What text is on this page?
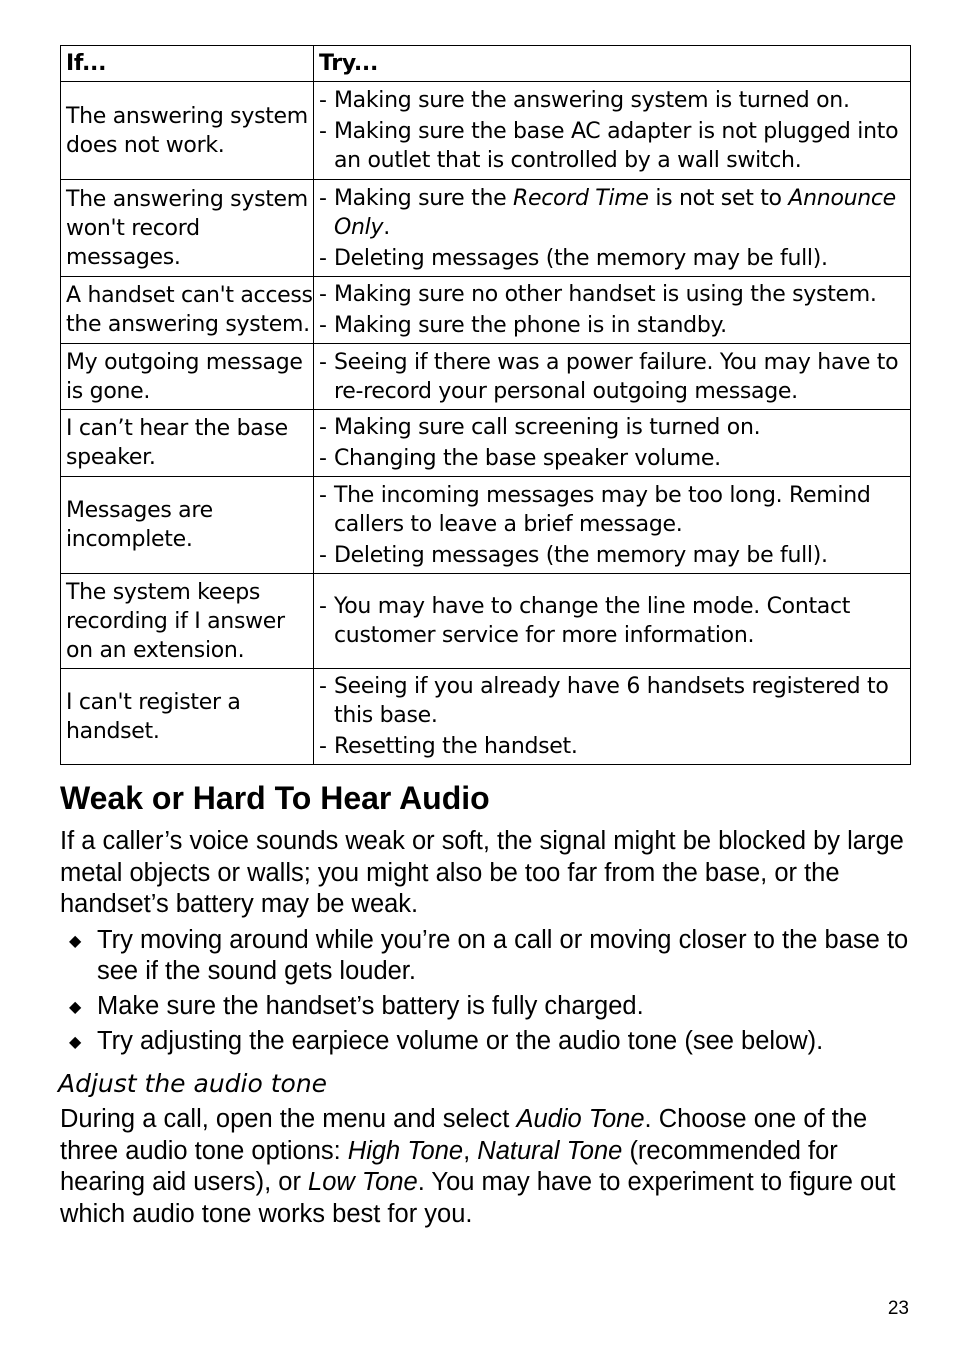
If...	Try...
The answering system does not work.	- Making sure the answering system is turned on.
- Making sure the base AC adapter is not plugged into an outlet that is controlled by a wall switch.

The answering system won't record messages.	- Making sure the Record Time is not set to Announce Only.
- Deleting messages (the memory may be full).

A handset can't access the answering system.	- Making sure no other handset is using the system.
- Making sure the phone is in standby.

My outgoing message is gone.	- Seeing if there was a power failure. You may have to re-record your personal outgoing message.

I can’t hear the base speaker.	- Making sure call screening is turned on.
- Changing the base speaker volume.

Messages are incomplete.	- The incoming messages may be too long. Remind callers to leave a brief message.
- Deleting messages (the memory may be full).

The system keeps recording if I answer on an extension.	- You may have to change the line mode. Contact customer service for more information.

I can't register a handset.	- Seeing if you already have 6 handsets registered to this base.
- Resetting the handset.
Weak or Hard To Hear Audio

If a caller’s voice sounds weak or soft, the signal might be blocked by large metal objects or walls; you might also be too far from the base, or the handset’s battery may be weak.

◆ Try moving around while you’re on a call or moving closer to the base to see if the sound gets louder.
◆ Make sure the handset’s battery is fully charged.
◆ Try adjusting the earpiece volume or the audio tone (see below).
Adjust the audio tone

During a call, open the menu and select Audio Tone. Choose one of the three audio tone options: High Tone, Natural Tone (recommended for hearing aid users), or Low Tone. You may have to experiment to figure out which audio tone works best for you.

23
